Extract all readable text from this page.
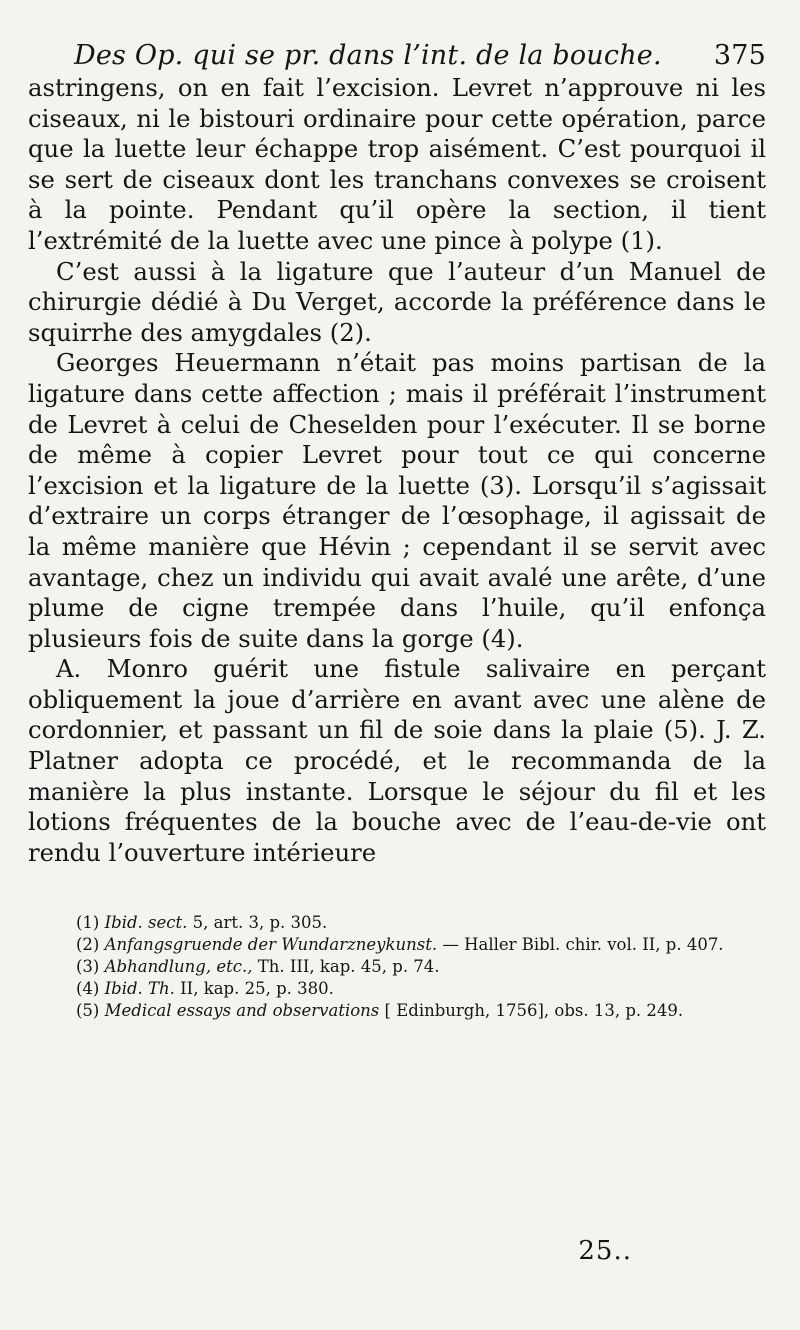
Des Op. qui se pr. dans l’int. de la bouche. 375

astringens, on en fait l’excision. Levret n’approuve ni les ciseaux, ni le bistouri ordinaire pour cette opération, parce que la luette leur échappe trop aisément. C’est pourquoi il se sert de ciseaux dont les tranchans convexes se croisent à la pointe. Pendant qu’il opère la section, il tient l’extrémité de la luette avec une pince à polype (1).

C’est aussi à la ligature que l’auteur d’un Manuel de chirurgie dédié à Du Verget, accorde la préférence dans le squirrhe des amygdales (2).

Georges Heuermann n’était pas moins partisan de la ligature dans cette affection ; mais il préférait l’instrument de Levret à celui de Cheselden pour l’exécuter. Il se borne de même à copier Levret pour tout ce qui concerne l’excision et la ligature de la luette (3). Lorsqu’il s’agissait d’extraire un corps étranger de l’œsophage, il agissait de la même manière que Hévin ; cependant il se servit avec avantage, chez un individu qui avait avalé une arête, d’une plume de cigne trempée dans l’huile, qu’il enfonça plusieurs fois de suite dans la gorge (4).

A. Monro guérit une fistule salivaire en perçant obliquement la joue d’arrière en avant avec une alène de cordonnier, et passant un fil de soie dans la plaie (5). J. Z. Platner adopta ce procédé, et le recommanda de la manière la plus instante. Lorsque le séjour du fil et les lotions fréquentes de la bouche avec de l’eau-de-vie ont rendu l’ouverture intérieure

(1) Ibid. sect. 5, art. 3, p. 305.

(2) Anfangsgruende der Wundarzneykunst. — Haller Bibl. chir. vol. II, p. 407.

(3) Abhandlung, etc., Th. III, kap. 45, p. 74.

(4) Ibid. Th. II, kap. 25, p. 380.

(5) Medical essays and observations [ Edinburgh, 1756], obs. 13, p. 249.

25..
